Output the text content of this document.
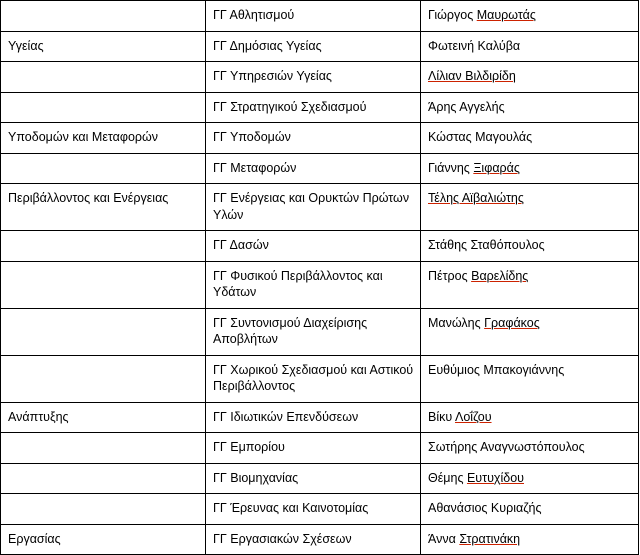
	ΓΓ Αθλητισμού	Γιώργος Μαυρωτάς

Υγείας	ΓΓ Δημόσιας Υγείας	Φωτεινή Καλύβα

	ΓΓ Υπηρεσιών Υγείας	Λίλιαν Βιλδιρίδη

	ΓΓ Στρατηγικού Σχεδιασμού	Άρης Αγγελής

Υποδομών και Μεταφορών	ΓΓ Υποδομών	Κώστας Μαγουλάς

	ΓΓ Μεταφορών	Γιάννης Ξιφαράς

Περιβάλλοντος και Ενέργειας	ΓΓ Ενέργειας και Ορυκτών Πρώτων Υλών	Τέλης Αϊβαλιώτης

	ΓΓ Δασών	Στάθης Σταθόπουλος

	ΓΓ Φυσικού Περιβάλλοντος και Υδάτων	Πέτρος Βαρελίδης

	ΓΓ Συντονισμού Διαχείρισης Αποβλήτων	Μανώλης Γραφάκος

	ΓΓ Χωρικού Σχεδιασμού και Αστικού Περιβάλλοντος	Ευθύμιος Μπακογιάννης

Ανάπτυξης	ΓΓ Ιδιωτικών Επενδύσεων	Βίκυ Λοΐζου

	ΓΓ Εμπορίου	Σωτήρης Αναγνωστόπουλος

	ΓΓ Βιομηχανίας	Θέμης Ευτυχίδου

	ΓΓ Έρευνας και Καινοτομίας	Αθανάσιος Κυριαζής

Εργασίας	ΓΓ Εργασιακών Σχέσεων	Άννα Στρατινάκη
